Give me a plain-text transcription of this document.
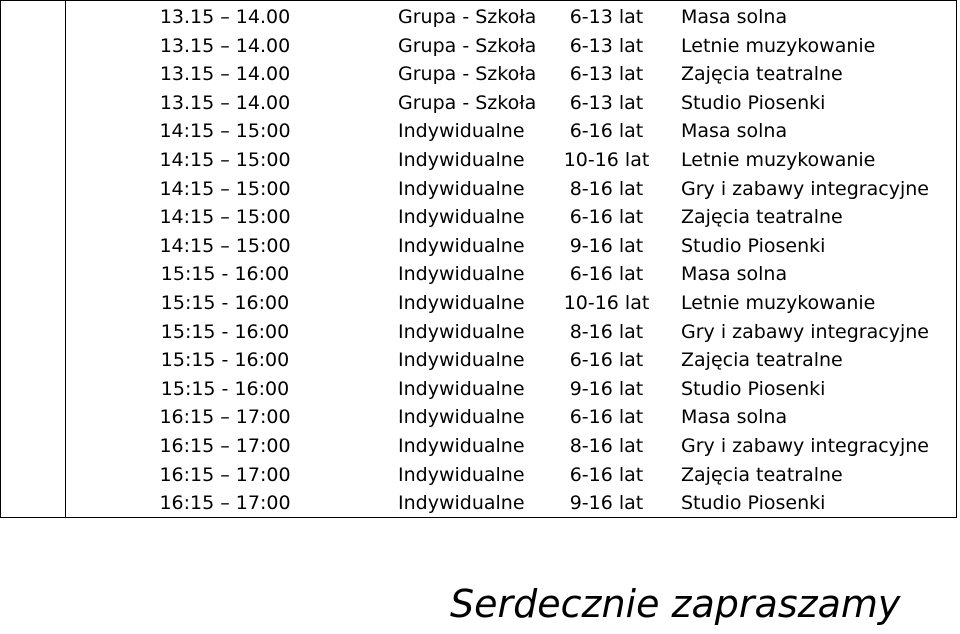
13.15 – 14.00	Grupa - Szkoła	6-13 lat	Masa solna
13.15 – 14.00	Grupa - Szkoła	6-13 lat	Letnie muzykowanie
13.15 – 14.00	Grupa - Szkoła	6-13 lat	Zajęcia teatralne
13.15 – 14.00	Grupa - Szkoła	6-13 lat	Studio Piosenki
14:15 – 15:00	Indywidualne	6-16 lat	Masa solna
14:15 – 15:00	Indywidualne	10-16 lat	Letnie muzykowanie
14:15 – 15:00	Indywidualne	8-16 lat	Gry i zabawy integracyjne
14:15 – 15:00	Indywidualne	6-16 lat	Zajęcia teatralne
14:15 – 15:00	Indywidualne	9-16 lat	Studio Piosenki
15:15 - 16:00	Indywidualne	6-16 lat	Masa solna
15:15 - 16:00	Indywidualne	10-16 lat	Letnie muzykowanie
15:15 - 16:00	Indywidualne	8-16 lat	Gry i zabawy integracyjne
15:15 - 16:00	Indywidualne	6-16 lat	Zajęcia teatralne
15:15 - 16:00	Indywidualne	9-16 lat	Studio Piosenki
16:15 – 17:00	Indywidualne	6-16 lat	Masa solna
16:15 – 17:00	Indywidualne	8-16 lat	Gry i zabawy integracyjne
16:15 – 17:00	Indywidualne	6-16 lat	Zajęcia teatralne
16:15 – 17:00	Indywidualne	9-16 lat	Studio Piosenki
Serdecznie zapraszamy
